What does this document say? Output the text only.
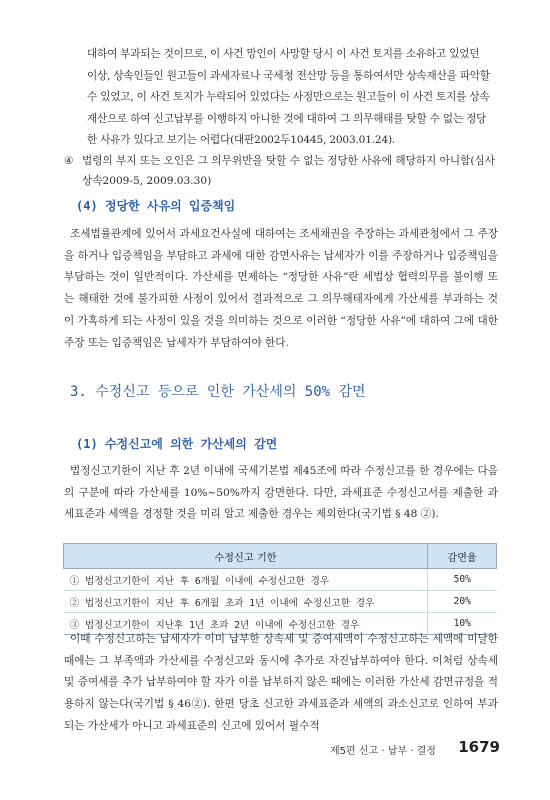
대하여 부과되는 것이므로, 이 사건 망인이 사망할 당시 이 사건 토지를 소유하고 있었던
이상, 상속인들인 원고들이 과세자료나 국세청 전산망 등을 통하여서만 상속재산을 파악할
수 있었고, 이 사건 토지가 누락되어 있었다는 사정만으로는 원고들이 이 사건 토지를 상속
재산으로 하여 신고납부를 이행하지 아니한 것에 대하여 그 의무해태를 탓할 수 없는 정당
한 사유가 있다고 보기는 어렵다(대판2002두10445, 2003.01.24).
④ 법령의 부지 또는 오인은 그 의무위반을 탓할 수 없는 정당한 사유에 해당하지 아니함(심사
상속2009-5, 2009.03.30)
(4) 정당한 사유의 입증책임
조세법률관계에 있어서 과세요건사실에 대하여는 조세채권을 주장하는 과세관청에서 그 주장을 하거나 입증책임을 부담하고 과세에 대한 감면사유는 납세자가 이를 주장하거나 입증책임을 부담하는 것이 일반적이다. 가산세를 면제하는 “정당한 사유”란 세법상 협력의무를 불이행 또는 해태한 것에 불가피한 사정이 있어서 결과적으로 그 의무해태자에게 가산세를 부과하는 것이 가혹하게 되는 사정이 있을 것을 의미하는 것으로 이러한 “정당한 사유”에 대하여 그에 대한 주장 또는 입증책임은 납세자가 부담하여야 한다.
3. 수정신고 등으로 인한 가산세의 50% 감면
(1) 수정신고에 의한 가산세의 감면
법정신고기한이 지난 후 2년 이내에 국세기본법 제45조에 따라 수정신고를 한 경우에는 다음의 구분에 따라 가산세를 10%~50%까지 감면한다. 다만, 과세표준 수정신고서를 제출한 과세표준과 세액을 경정할 것을 미리 알고 제출한 경우는 제외한다(국기법 § 48 ②).
수정신고 기한	감면율
① 법정신고기한이 지난 후 6개월 이내에 수정신고한 경우	50%
② 법정신고기한이 지난 후 6개월 초과 1년 이내에 수정신고한 경우	20%
③ 법정신고기한이 지난후 1년 초과 2년 이내에 수정신고한 경우	10%
이때 수정신고하는 납세자가 이미 납부한 상속세 및 증여세액이 수정신고하는 세액에 미달한 때에는 그 부족액과 가산세를 수정신고와 동시에 추가로 자진납부하여야 한다. 이처럼 상속세 및 증여세를 추가 납부하여야 할 자가 이를 납부하지 않은 때에는 이러한 가산세 감면규정을 적용하지 않는다(국기법 § 46②). 한편 당초 신고한 과세표준과 세액의 과소신고로 인하여 부과되는 가산세가 아니고 과세표준의 신고에 있어서 필수적
제5편 신고 · 납부 · 결정 1679
